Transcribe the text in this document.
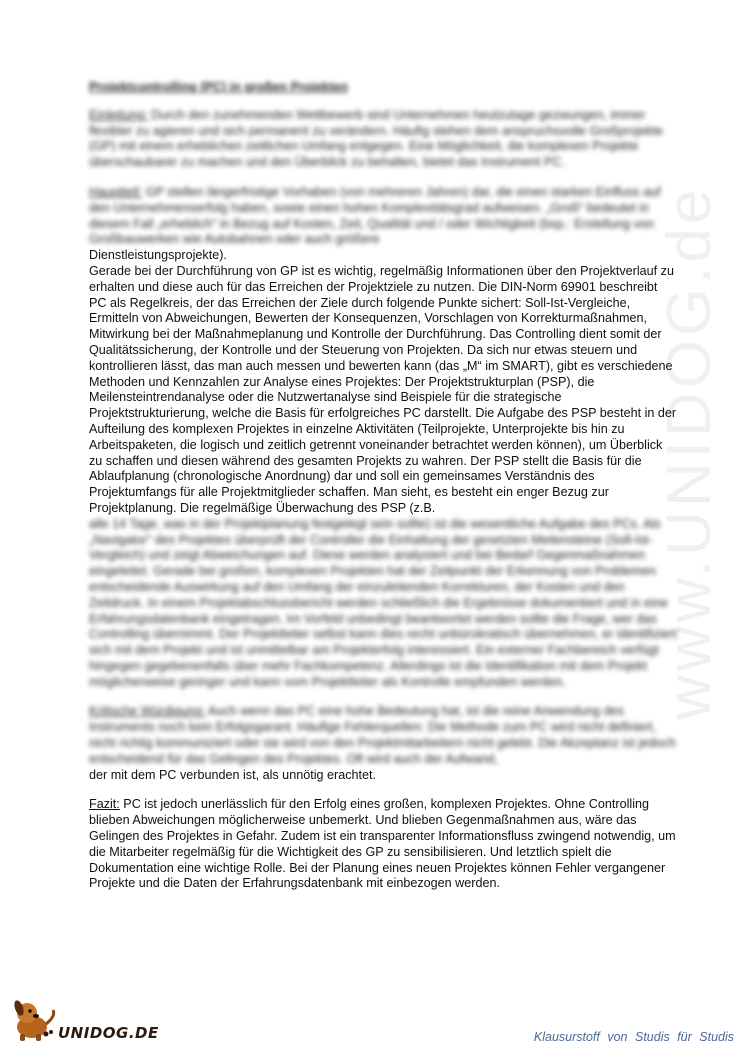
www.UNIDOG.de
Projektcontrolling (PC) in großen Projekten
Einleitung: Durch den zunehmenden Wettbewerb sind Unternehmen heutzutage gezwungen, immer flexibler zu agieren und sich permanent zu verändern. Häufig stehen dem anspruchsvolle Großprojekte (GP) mit einem erheblichen zeitlichen Umfang entgegen. Eine Möglichkeit, die komplexen Projekte überschaubarer zu machen und den Überblick zu behalten, bietet das Instrument PC.
Hauptteil: GP stellen längerfristige Vorhaben (von mehreren Jahren) dar, die einen starken Einfluss auf den Unternehmenserfolg haben, sowie einen hohen Komplexitätsgrad aufweisen. „Groß“ bedeutet in diesem Fall „erheblich“ in Bezug auf Kosten, Zeit, Qualität und / oder Wichtigkeit (bsp.: Erstellung von Großbauwerken wie Autobahnen oder auch größere
Dienstleistungsprojekte).
Gerade bei der Durchführung von GP ist es wichtig, regelmäßig Informationen über den Projektverlauf zu erhalten und diese auch für das Erreichen der Projektziele zu nutzen. Die DIN-Norm 69901 beschreibt PC als Regelkreis, der das Erreichen der Ziele durch folgende Punkte sichert: Soll-Ist-Vergleiche, Ermitteln von Abweichungen, Bewerten der Konsequenzen, Vorschlagen von Korrekturmaßnahmen, Mitwirkung bei der Maßnahmeplanung und Kontrolle der Durchführung. Das Controlling dient somit der Qualitätssicherung, der Kontrolle und der Steuerung von Projekten. Da sich nur etwas steuern und kontrollieren lässt, das man auch messen und bewerten kann (das „M“ im SMART), gibt es verschiedene Methoden und Kennzahlen zur Analyse eines Projektes: Der Projektstrukturplan (PSP), die Meilensteintrendanalyse oder die Nutzwertanalyse sind Beispiele für die strategische Projektstrukturierung, welche die Basis für erfolgreiches PC darstellt. Die Aufgabe des PSP besteht in der Aufteilung des komplexen Projektes in einzelne Aktivitäten (Teilprojekte, Unterprojekte bis hin zu Arbeitspaketen, die logisch und zeitlich getrennt voneinander betrachtet werden können), um Überblick zu schaffen und diesen während des gesamten Projekts zu wahren. Der PSP stellt die Basis für die Ablaufplanung (chronologische Anordnung) dar und soll ein gemeinsames Verständnis des Projektumfangs für alle Projektmitglieder schaffen. Man sieht, es besteht ein enger Bezug zur Projektplanung. Die regelmäßige Überwachung des PSP (z.B.
alle 14 Tage, was in der Projektplanung festgelegt sein sollte) ist die wesentliche Aufgabe des PCs. Als „Navigator“ des Projektes überprüft der Controller die Einhaltung der gesetzten Meilensteine (Soll-Ist-Vergleich) und zeigt Abweichungen auf. Diese werden analysiert und bei Bedarf Gegenmaßnahmen eingeleitet. Gerade bei großen, komplexen Projekten hat der Zeitpunkt der Erkennung von Problemen entscheidende Auswirkung auf den Umfang der einzuleitenden Korrekturen, der Kosten und den Zeitdruck. In einem Projektabschlussbericht werden schließlich die Ergebnisse dokumentiert und in eine Erfahrungsdatenbank eingetragen. Im Vorfeld unbedingt beantwortet werden sollte die Frage, wer das Controlling übernimmt. Der Projektleiter selbst kann dies recht unbürokratisch übernehmen, er identifiziert sich mit dem Projekt und ist unmittelbar am Projekterfolg interessiert. Ein externer Fachbereich verfügt hingegen gegebenenfalls über mehr Fachkompetenz. Allerdings ist die Identifikation mit dem Projekt möglicherweise geringer und kann vom Projektleiter als Kontrolle empfunden werden.
Kritische Würdigung: Auch wenn das PC eine hohe Bedeutung hat, ist die reine Anwendung des Instruments noch kein Erfolgsgarant. Häufige Fehlerquellen: Die Methode zum PC wird nicht definiert, nicht richtig kommuniziert oder sie wird von den Projektmitarbeitern nicht gelebt. Die Akzeptanz ist jedoch entscheidend für das Gelingen des Projektes. Oft wird auch der Aufwand,
der mit dem PC verbunden ist, als unnötig erachtet.
Fazit: PC ist jedoch unerlässlich für den Erfolg eines großen, komplexen Projektes. Ohne Controlling blieben Abweichungen möglicherweise unbemerkt. Und blieben Gegenmaßnahmen aus, wäre das Gelingen des Projektes in Gefahr. Zudem ist ein transparenter Informationsfluss zwingend notwendig, um die Mitarbeiter regelmäßig für die Wichtigkeit des GP zu sensibilisieren. Und letztlich spielt die Dokumentation eine wichtige Rolle. Bei der Planung eines neuen Projektes können Fehler vergangener Projekte und die Daten der Erfahrungsdatenbank mit einbezogen werden.
UNIDOG.DE	Klausurstoff von Studis für Studis
